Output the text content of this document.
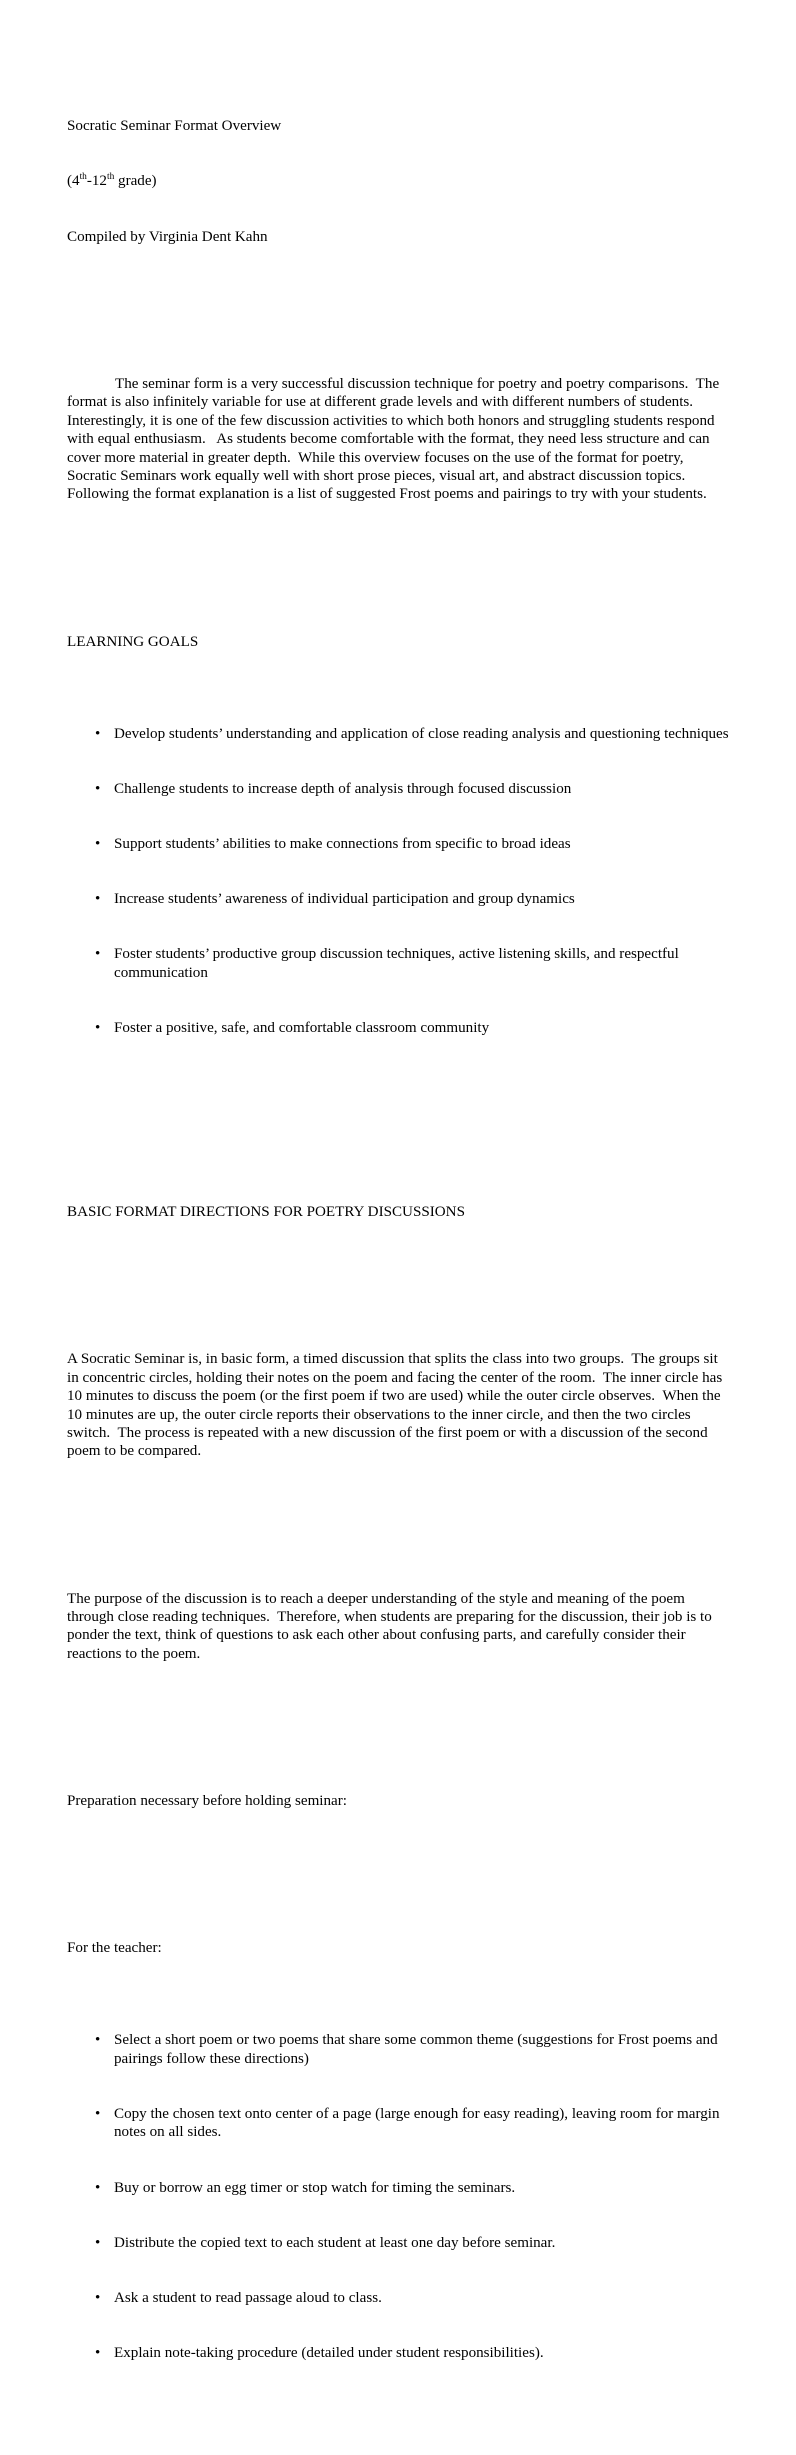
Socratic Seminar Format Overview

(4th-12th grade)

Compiled by Virginia Dent Kahn

The seminar form is a very successful discussion technique for poetry and poetry comparisons.  The format is also infinitely variable for use at different grade levels and with different numbers of students.  Interestingly, it is one of the few discussion activities to which both honors and struggling students respond with equal enthusiasm.   As students become comfortable with the format, they need less structure and can cover more material in greater depth.  While this overview focuses on the use of the format for poetry, Socratic Seminars work equally well with short prose pieces, visual art, and abstract discussion topics.  Following the format explanation is a list of suggested Frost poems and pairings to try with your students.

LEARNING GOALS

• Develop students’ understanding and application of close reading analysis and questioning techniques

• Challenge students to increase depth of analysis through focused discussion

• Support students’ abilities to make connections from specific to broad ideas

• Increase students’ awareness of individual participation and group dynamics

• Foster students’ productive group discussion techniques, active listening skills, and respectful communication

• Foster a positive, safe, and comfortable classroom community

BASIC FORMAT DIRECTIONS FOR POETRY DISCUSSIONS

A Socratic Seminar is, in basic form, a timed discussion that splits the class into two groups.  The groups sit in concentric circles, holding their notes on the poem and facing the center of the room.  The inner circle has 10 minutes to discuss the poem (or the first poem if two are used) while the outer circle observes.  When the 10 minutes are up, the outer circle reports their observations to the inner circle, and then the two circles switch.  The process is repeated with a new discussion of the first poem or with a discussion of the second poem to be compared.

The purpose of the discussion is to reach a deeper understanding of the style and meaning of the poem through close reading techniques.  Therefore, when students are preparing for the discussion, their job is to ponder the text, think of questions to ask each other about confusing parts, and carefully consider their reactions to the poem.

Preparation necessary before holding seminar:

For the teacher:

• Select a short poem or two poems that share some common theme (suggestions for Frost poems and pairings follow these directions)

• Copy the chosen text onto center of a page (large enough for easy reading), leaving room for margin notes on all sides.

• Buy or borrow an egg timer or stop watch for timing the seminars.

• Distribute the copied text to each student at least one day before seminar.

• Ask a student to read passage aloud to class.

• Explain note-taking procedure (detailed under student responsibilities).
